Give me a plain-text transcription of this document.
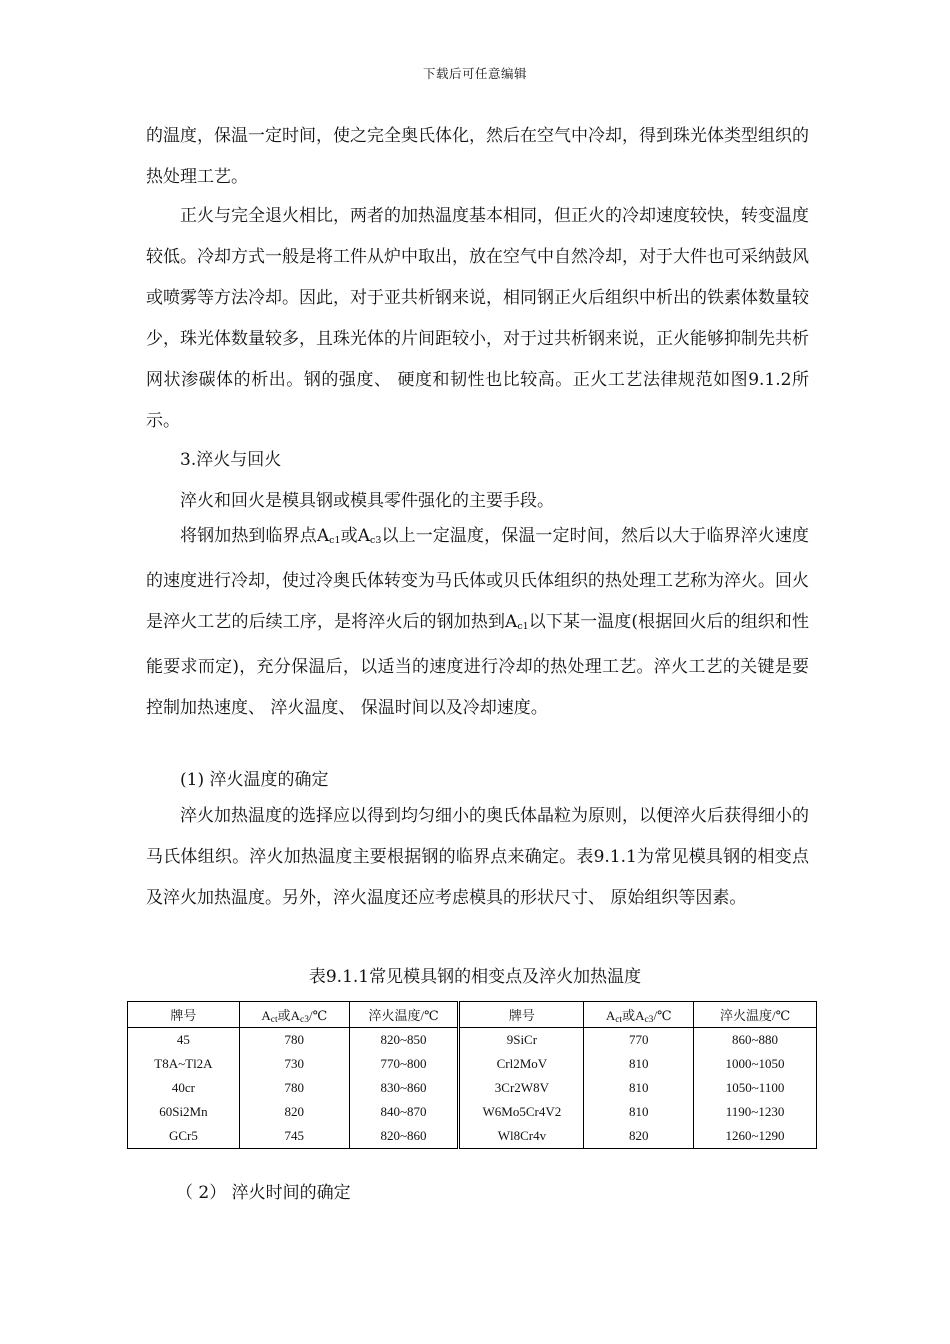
下载后可任意编辑

的温度，保温一定时间，使之完全奥氏体化，然后在空气中冷却，得到珠光体类型组织的热处理工艺。

正火与完全退火相比，两者的加热温度基本相同，但正火的冷却速度较快，转变温度较低。冷却方式一般是将工件从炉中取出，放在空气中自然冷却，对于大件也可采纳鼓风或喷雾等方法冷却。因此，对于亚共析钢来说，相同钢正火后组织中析出的铁素体数量较少，珠光体数量较多，且珠光体的片间距较小，对于过共析钢来说，正火能够抑制先共析网状渗碳体的析出。钢的强度、 硬度和韧性也比较高。正火工艺法律规范如图9.1.2所示。

3.淬火与回火

淬火和回火是模具钢或模具零件强化的主要手段。

将钢加热到临界点$A_{c1}$或$A_{c3}$以上一定温度，保温一定时间，然后以大于临界淬火速度的速度进行冷却，使过冷奥氏体转变为马氏体或贝氏体组织的热处理工艺称为淬火。回火是淬火工艺的后续工序，是将淬火后的钢加热到$A_{c1}$以下某一温度(根据回火后的组织和性能要求而定)，充分保温后，以适当的速度进行冷却的热处理工艺。淬火工艺的关键是要控制加热速度、 淬火温度、 保温时间以及冷却速度。

(1) 淬火温度的确定

淬火加热温度的选择应以得到均匀细小的奥氏体晶粒为原则，以便淬火后获得细小的马氏体组织。淬火加热温度主要根据钢的临界点来确定。表9.1.1为常见模具钢的相变点及淬火加热温度。另外，淬火温度还应考虑模具的形状尺寸、 原始组织等因素。

表9.1.1常见模具钢的相变点及淬火加热温度
牌号	$A_{ct}$或$A_{c3}/℃$	淬火温度/℃	牌号	$A_{ct}$或$A_{c3}/℃$	淬火温度/℃
45	780	820~850	9SiCr	770	860~880
T8A~Tl2A	730	770~800	Crl2MoV	810	1000~1050
40cr	780	830~860	3Cr2W8V	810	1050~1100
60Si2Mn	820	840~870	W6Mo5Cr4V2	810	1190~1230
GCr5	745	820~860	Wl8Cr4v	820	1260~1290
（ 2） 淬火时间的确定
